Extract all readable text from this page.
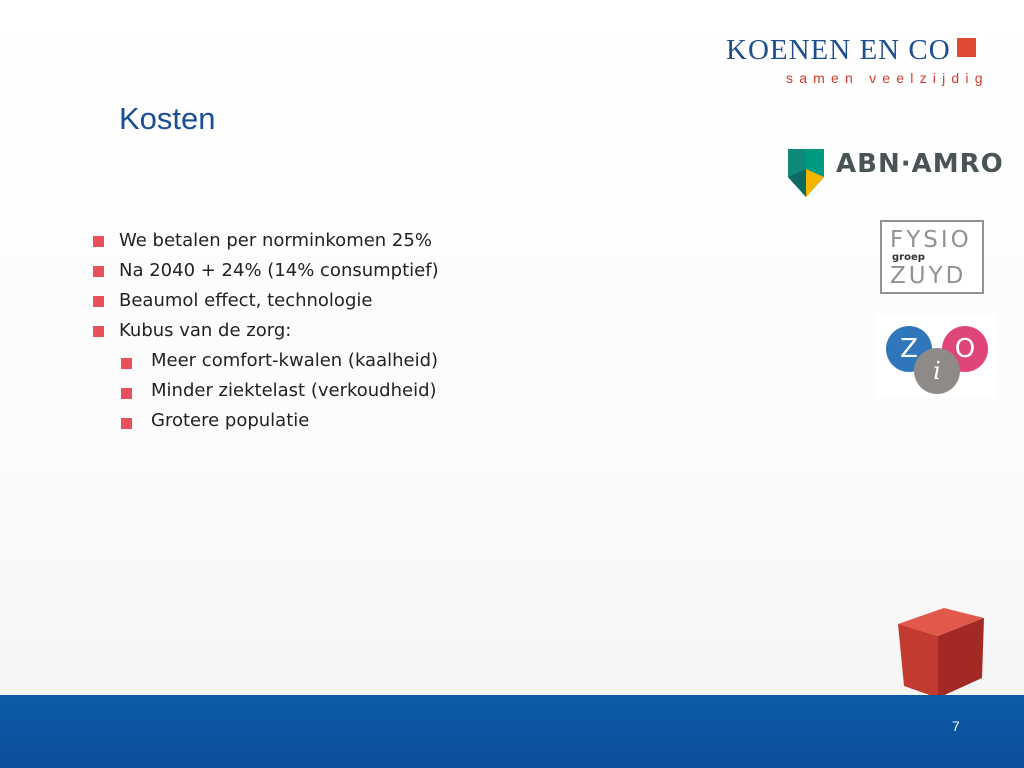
KOENEN EN CO
samen veelzijdig
Kosten
We betalen per norminkomen 25%
Na 2040 + 24% (14% consumptief)
Beaumol effect, technologie
Kubus van de zorg:
Meer comfort-kwalen (kaalheid)
Minder ziektelast (verkoudheid)
Grotere populatie
ABN·AMRO
FYSIO
groep
ZUYD
Z	O
i
7
